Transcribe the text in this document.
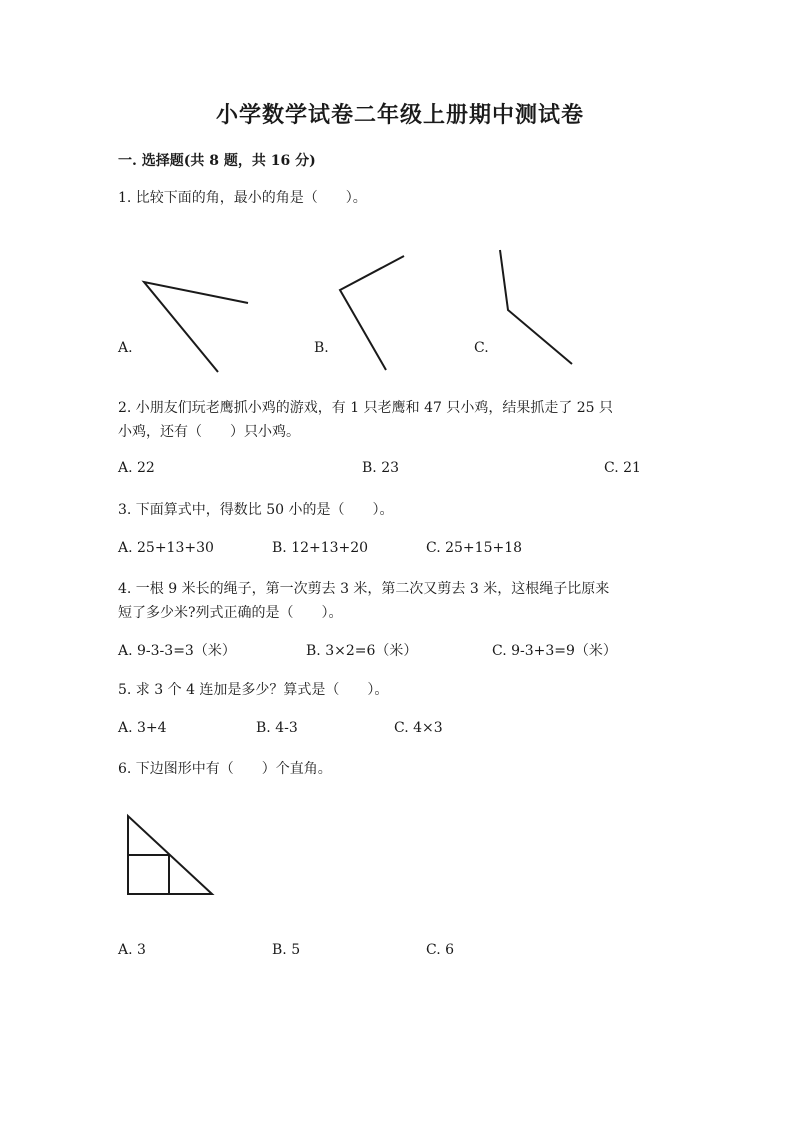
小学数学试卷二年级上册期中测试卷
一. 选择题(共 8 题，共 16 分)
1. 比较下面的角，最小的角是（　　）。
A.	B.	C.
2. 小朋友们玩老鹰抓小鸡的游戏，有 1 只老鹰和 47 只小鸡，结果抓走了 25 只
小鸡，还有（　　）只小鸡。
A. 22	B. 23	C. 21
3. 下面算式中，得数比 50 小的是（　　）。
A. 25+13+30	B. 12+13+20	C. 25+15+18
4. 一根 9 米长的绳子，第一次剪去 3 米，第二次又剪去 3 米，这根绳子比原来
短了多少米?列式正确的是（　　）。
A. 9-3-3=3（米）	B. 3×2=6（米）	C. 9-3+3=9（米）
5. 求 3 个 4 连加是多少？算式是（　　）。
A. 3+4	B. 4-3	C. 4×3
6. 下边图形中有（　　）个直角。
A. 3	B. 5	C. 6
